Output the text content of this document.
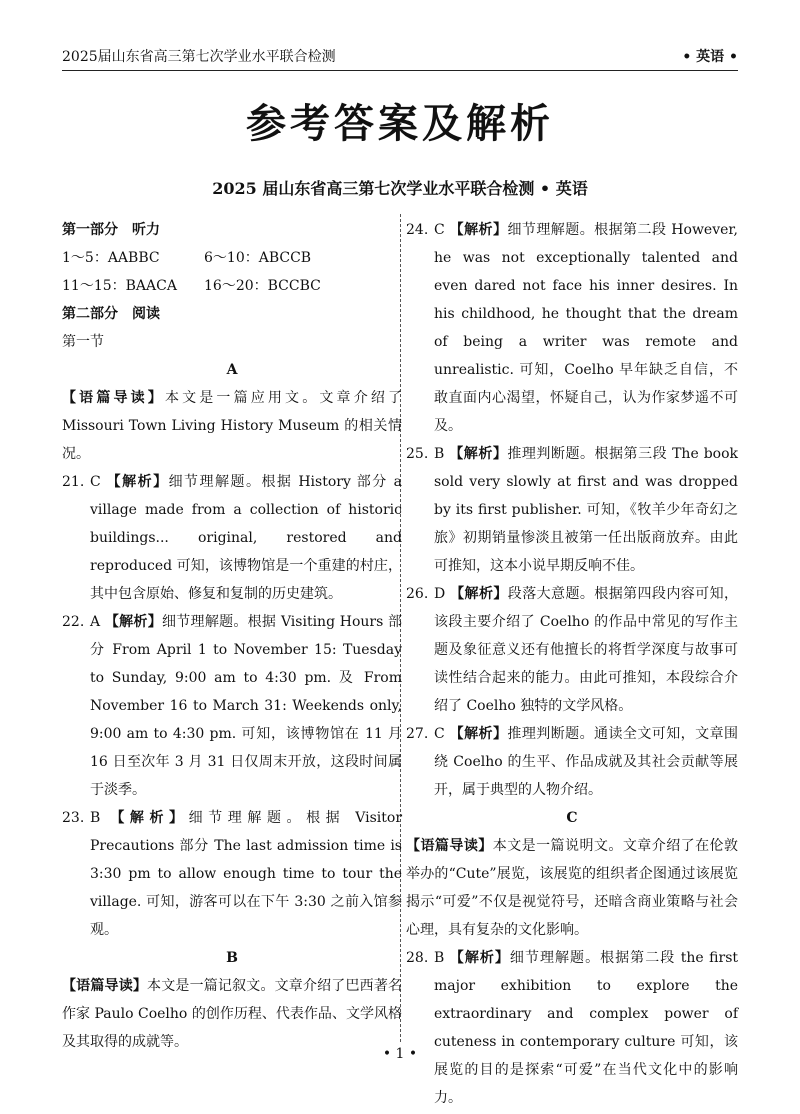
2025届山东省高三第七次学业水平联合检测	• 英语 •
参考答案及解析
2025 届山东省高三第七次学业水平联合检测 • 英语
第一部分　听力
1～5：AABBC	6～10：ABCCB
11～15：BAACA	16～20：BCCBC
第二部分　阅读
第一节
A
【语篇导读】本文是一篇应用文。文章介绍了 Missouri Town Living History Museum 的相关情况。
21. C 【解析】细节理解题。根据 History 部分 a village made from a collection of historic buildings... original, restored and reproduced 可知，该博物馆是一个重建的村庄，其中包含原始、修复和复制的历史建筑。
22. A 【解析】细节理解题。根据 Visiting Hours 部分 From April 1 to November 15: Tuesday to Sunday, 9:00 am to 4:30 pm. 及 From November 16 to March 31: Weekends only, 9:00 am to 4:30 pm. 可知，该博物馆在 11 月 16 日至次年 3 月 31 日仅周末开放，这段时间属于淡季。
23. B 【解析】细节理解题。根据 Visitor Precautions 部分 The last admission time is 3:30 pm to allow enough time to tour the village. 可知，游客可以在下午 3:30 之前入馆参观。
B
【语篇导读】本文是一篇记叙文。文章介绍了巴西著名作家 Paulo Coelho 的创作历程、代表作品、文学风格及其取得的成就等。
24. C 【解析】细节理解题。根据第二段 However, he was not exceptionally talented and even dared not face his inner desires. In his childhood, he thought that the dream of being a writer was remote and unrealistic. 可知，Coelho 早年缺乏自信，不敢直面内心渴望，怀疑自己，认为作家梦遥不可及。
25. B 【解析】推理判断题。根据第三段 The book sold very slowly at first and was dropped by its first publisher. 可知，《牧羊少年奇幻之旅》初期销量惨淡且被第一任出版商放弃。由此可推知，这本小说早期反响不佳。
26. D 【解析】段落大意题。根据第四段内容可知，该段主要介绍了 Coelho 的作品中常见的写作主题及象征意义还有他擅长的将哲学深度与故事可读性结合起来的能力。由此可推知，本段综合介绍了 Coelho 独特的文学风格。
27. C 【解析】推理判断题。通读全文可知，文章围绕 Coelho 的生平、作品成就及其社会贡献等展开，属于典型的人物介绍。
C
【语篇导读】本文是一篇说明文。文章介绍了在伦敦举办的“Cute”展览，该展览的组织者企图通过该展览揭示“可爱”不仅是视觉符号，还暗含商业策略与社会心理，具有复杂的文化影响。
28. B 【解析】细节理解题。根据第二段 the first major exhibition to explore the extraordinary and complex power of cuteness in contemporary culture 可知，该展览的目的是探索“可爱”在当代文化中的影响力。
• 1 •
